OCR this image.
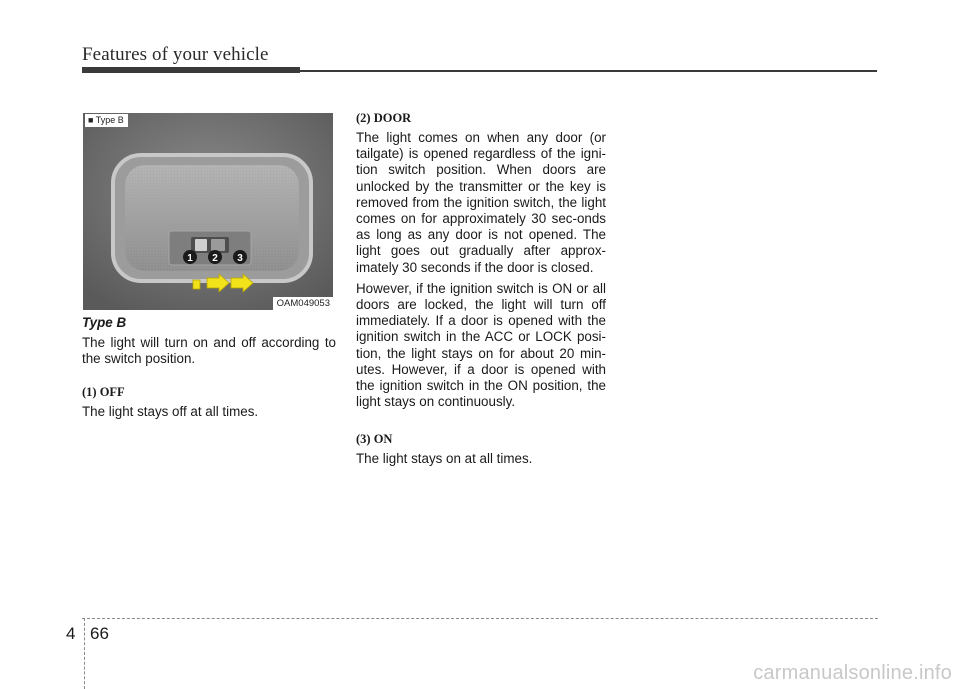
Features of your vehicle
1 2 3
■ Type B
OAM049053
Type B

The light will turn on and off according to the switch position.

(1) OFF

The light stays off at all times.

(2) DOOR

The light comes on when any door (or tailgate) is opened regardless of the igni-tion switch position. When doors are unlocked by the transmitter or the key is removed from the ignition switch, the light comes on for approximately 30 sec-onds as long as any door is not opened. The light goes out gradually after approx-imately 30 seconds if the door is closed.

However, if the ignition switch is ON or all doors are locked, the light will turn off immediately. If a door is opened with the ignition switch in the ACC or LOCK posi-tion, the light stays on for about 20 min-utes. However, if a door is opened with the ignition switch in the ON position, the light stays on continuously.

(3) ON

The light stays on at all times.

4 66
carmanualsonline.info
